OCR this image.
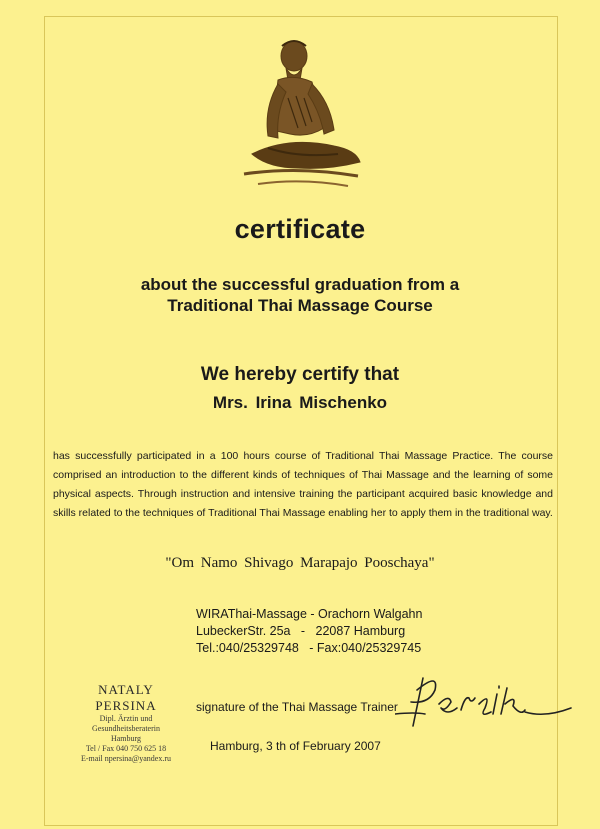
certificate
about the successful graduation from a
Traditional Thai Massage Course
We hereby certify that
Mrs. Irina Mischenko
has successfully participated in a 100 hours course of Traditional Thai Massage Practice. The course comprised an introduction to the different kinds of techniques of Thai Massage and the learning of some physical aspects. Through instruction and intensive training the participant acquired basic knowledge and skills related to the techniques of Traditional Thai Massage enabling her to apply them in the traditional way.
"Om Namo Shivago Marapajo Pooschaya"
WIRAThai-Massage - Orachorn Walgahn
LubeckerStr. 25a   -   22087 Hamburg
Tel.:040/25329748   - Fax:040/25329745
NATALY PERSINA
Dipl. Ärztin und Gesundheitsberaterin
Hamburg
Tel / Fax 040 750 625 18
E-mail npersina@yandex.ru
signature of the Thai Massage Trainer
Hamburg, 3 th of February 2007
